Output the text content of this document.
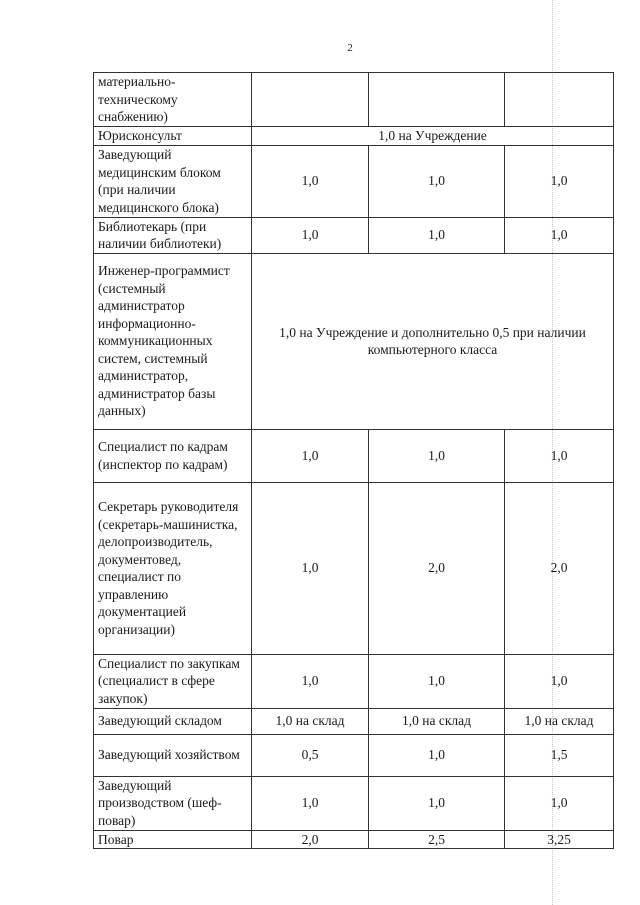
2
материально-техническому снабжению)			
Юрисконсульт	1,0 на Учреждение		
Заведующий медицинским блоком (при наличии медицинского блока)	1,0	1,0	1,0
Библиотекарь (при наличии библиотеки)	1,0	1,0	1,0
Инженер-программист (системный администратор информационно-коммуникационных систем, системный администратор, администратор базы данных)	1,0 на Учреждение и дополнительно 0,5 при наличии компьютерного класса		
Специалист по кадрам (инспектор по кадрам)	1,0	1,0	1,0
Секретарь руководителя (секретарь-машинистка, делопроизводитель, документовед, специалист по управлению документацией организации)	1,0	2,0	2,0
Специалист по закупкам (специалист в сфере закупок)	1,0	1,0	1,0
Заведующий складом	1,0 на склад	1,0 на склад	1,0 на склад
Заведующий хозяйством	0,5	1,0	1,5
Заведующий производством (шеф-повар)	1,0	1,0	1,0
Повар	2,0	2,5	3,25
